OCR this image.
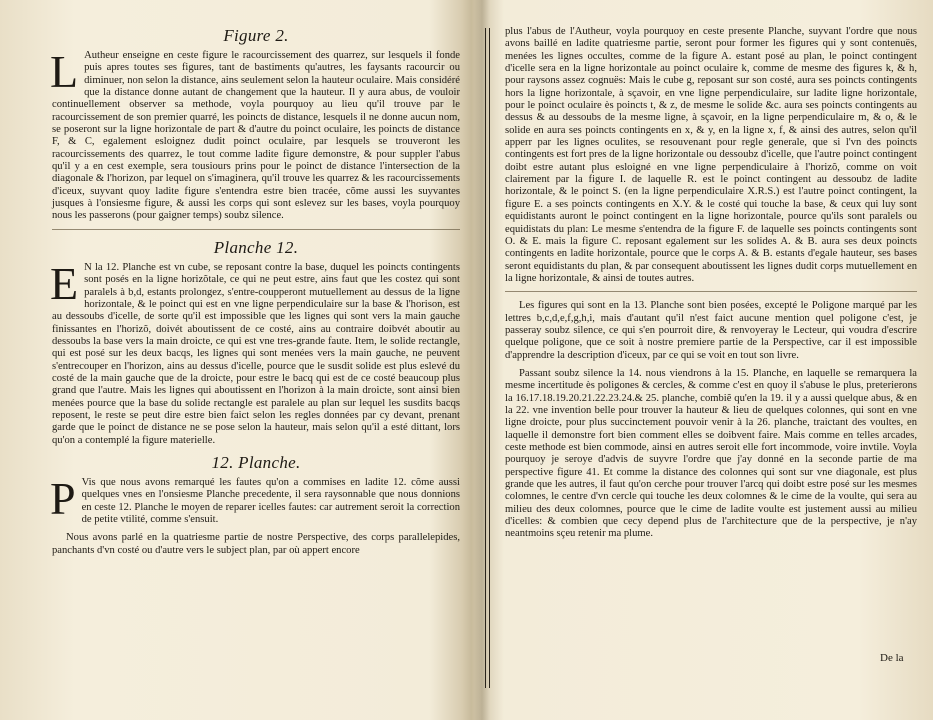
Figure 2.
L Autheur enseigne en ceste figure le racourcissement des quarrez, sur lesquels il fonde puis apres toutes ses figures, tant de bastiments qu'autres, les faysants racourcir ou diminuer, non selon la distance, ains seulement selon la hauteur oculaire. Mais considéré que la distance donne autant de changement que la hauteur. Il y aura abus, de vouloir continuellement observer sa methode, voyla pourquoy au lieu qu'il trouve par le racourcissement de son premier quarré, les poincts de distance, lesquels il ne donne aucun nom, se poseront sur la ligne horizontale de part & d'autre du poinct oculaire, les poincts de distance F, & C, egalement esloignez dudit poinct oculaire, par lesquels se trouveront les racourcissements des quarrez, le tout comme ladite figure demonstre, & pour suppler l'abus qu'il y a en cest exemple, sera tousiours prins pour le poinct de distance l'intersection de la diagonale & l'horizon, par lequel on s'imaginera, qu'il trouve les quarrez & les racourcissements d'iceux, suyvant quoy ladite figure s'entendra estre bien tracée, cõme aussi les suyvantes jusques à l'onsiesme figure, & aussi les corps qui sont eslevez sur les bases, voyla pourquoy nous les passerons (pour gaigner temps) soubz silence.
Planche 12.
E N la 12. Planche est vn cube, se reposant contre la base, duquel les poincts contingents sont posés en la ligne horizõtale, ce qui ne peut estre, ains faut que les costez qui sont paralels à b,d, estants prolongez, s'entre-coupperont mutuellement au dessus de la ligne horizontale, & le poinct qui est en vne ligne perpendiculaire sur la base & l'horison, est au dessoubs d'icelle, de sorte qu'il est impossible que les lignes qui sont vers la main gauche finissantes en l'horizõ, doivét aboutissent de ce costé, ains au contraire doibvét aboutir au dessoubs la base vers la main droicte, ce qui est vne tres-grande faute. Item, le solide rectangle, qui est posé sur les deux bacqs, les lignes qui sont menées vers la main gauche, ne peuvent s'entrecouper en l'horizon, ains au dessus d'icelle, pource que le susdit solide est plus eslevé du costé de la main gauche que de la droicte, pour estre le bacq qui est de ce costé beaucoup plus grand que l'autre. Mais les lignes qui aboutissent en l'horizon à la main droicte, sont ainsi bien menées pource que la base du solide rectangle est paralele au plan sur lequel les susdits bacqs reposent, le reste se peut dire estre bien faict selon les regles données par cy devant, prenant garde que le poinct de distance ne se pose selon la hauteur, mais selon qu'il a esté dittant, lors qu'on a contemplé la figure materielle.
12. Planche.
P Vis que nous avons remarqué les fautes qu'on a commises en ladite 12. cõme aussi quelques vnes en l'onsiesme Planche precedente, il sera raysonnable que nous donnions en ceste 12. Planche le moyen de reparer icelles fautes: car autrement seroit la correction de petite vtilité, comme s'ensuit.
Nous avons parlé en la quatriesme partie de nostre Perspective, des corps parallelepides, panchants d'vn costé ou d'autre vers le subject plan, par où appert encore
plus l'abus de l'Autheur, voyla pourquoy en ceste presente Planche, suyvant l'ordre que nous avons baillé en ladite quatriesme partie, seront pour former les figures qui y sont contenuës, menées les lignes occultes, comme de la figure A. estant posé au plan, le poinct contingent d'icelle sera en la ligne horizontale au poinct oculaire k, comme de mesme des figures k, & h, pour raysons assez cognuës: Mais le cube g, reposant sur son costé, aura ses poincts contingents hors la ligne horizontale, à sçavoir, en vne ligne perpendiculaire, sur ladite ligne horizontale, pour le poinct oculaire ès poincts t, & z, de mesme le solide &c. aura ses poincts contingents au dessus & au dessoubs de la mesme ligne, à sçavoir, en la ligne perpendiculaire m, & o, & le solide en aura ses poincts contingents en x, & y, en la ligne x, f, & ainsi des autres, selon qu'il apperr par les lignes oculites, se resouvenant pour regle generale, que si l'vn des poincts contingents est fort pres de la ligne horizontale ou dessoubz d'icelle, que l'autre poinct contingent doibt estre autant plus esloigné en vne ligne perpendiculaire à l'horizõ, comme on voit clairement par la figure I. de laquelle R. est le poinct contingent au dessoubz de ladite horizontale, & le poinct S. (en la ligne perpendiculaire X.R.S.) est l'autre poinct contingent, la figure E. a ses poincts contingents en X.Y. & le costé qui touche la base, & ceux qui luy sont equidistants auront le poinct contingent en la ligne horizontale, pource qu'ils sont paralels ou equidistats du plan: Le mesme s'entendra de la figure F. de laquelle ses poincts contingents sont O. & E. mais la figure C. reposant egalement sur les solides A. & B. aura ses deux poincts contingents en ladite horizontale, pource que le corps A. & B. estants d'egale hauteur, ses bases seront equidistants du plan, & par consequent aboutissent les lignes dudit corps mutuellement en la ligne horizontale, & ainsi de toutes autres.
Les figures qui sont en la 13. Planche sont bien posées, excepté le Poligone marqué par les lettres b,c,d,e,f,g,h,i, mais d'autant qu'il n'est faict aucune mention quel poligone c'est, je passeray soubz silence, ce qui s'en pourroit dire, & renvoyeray le Lecteur, qui voudra d'escrire quelque poligone, que ce soit à nostre premiere partie de la Perspective, car il est impossible d'apprendre la description d'iceux, par ce qui se voit en tout son livre.
Passant soubz silence la 14. nous viendrons à la 15. Planche, en laquelle se remarquera la mesme incertitude ès poligones & cercles, & comme c'est en quoy il s'abuse le plus, preterierons la 16.17.18.19.20.21.22.23.24.& 25. planche, combiẽ qu'en la 19. il y a aussi quelque abus, & en la 22. vne invention belle pour trouver la hauteur & lieu de quelques colonnes, qui sont en vne ligne droicte, pour plus succinctement pouvoir venir à la 26. planche, traictant des voultes, en laquelle il demonstre fort bien comment elles se doibvent faire. Mais comme en telles arcades, ceste methode est bien commode, ainsi en autres seroit elle fort incommode, voire invtile. Voyla pourquoy je seroye d'advis de suyvre l'ordre que j'ay donné en la seconde partie de ma perspective figure 41. Et comme la distance des colonnes qui sont sur vne diagonale, est plus grande que les autres, il faut qu'on cerche pour trouver l'arcq qui doibt estre posé sur les mesmes colomnes, le centre d'vn cercle qui touche les deux colomnes & le cime de la voulte, qui sera au milieu des deux colomnes, pource que le cime de ladite voulte est justement aussi au milieu d'icelles: & combien que cecy depend plus de l'architecture que de la perspective, je n'ay neantmoins sçeu retenir ma plume.
De la
